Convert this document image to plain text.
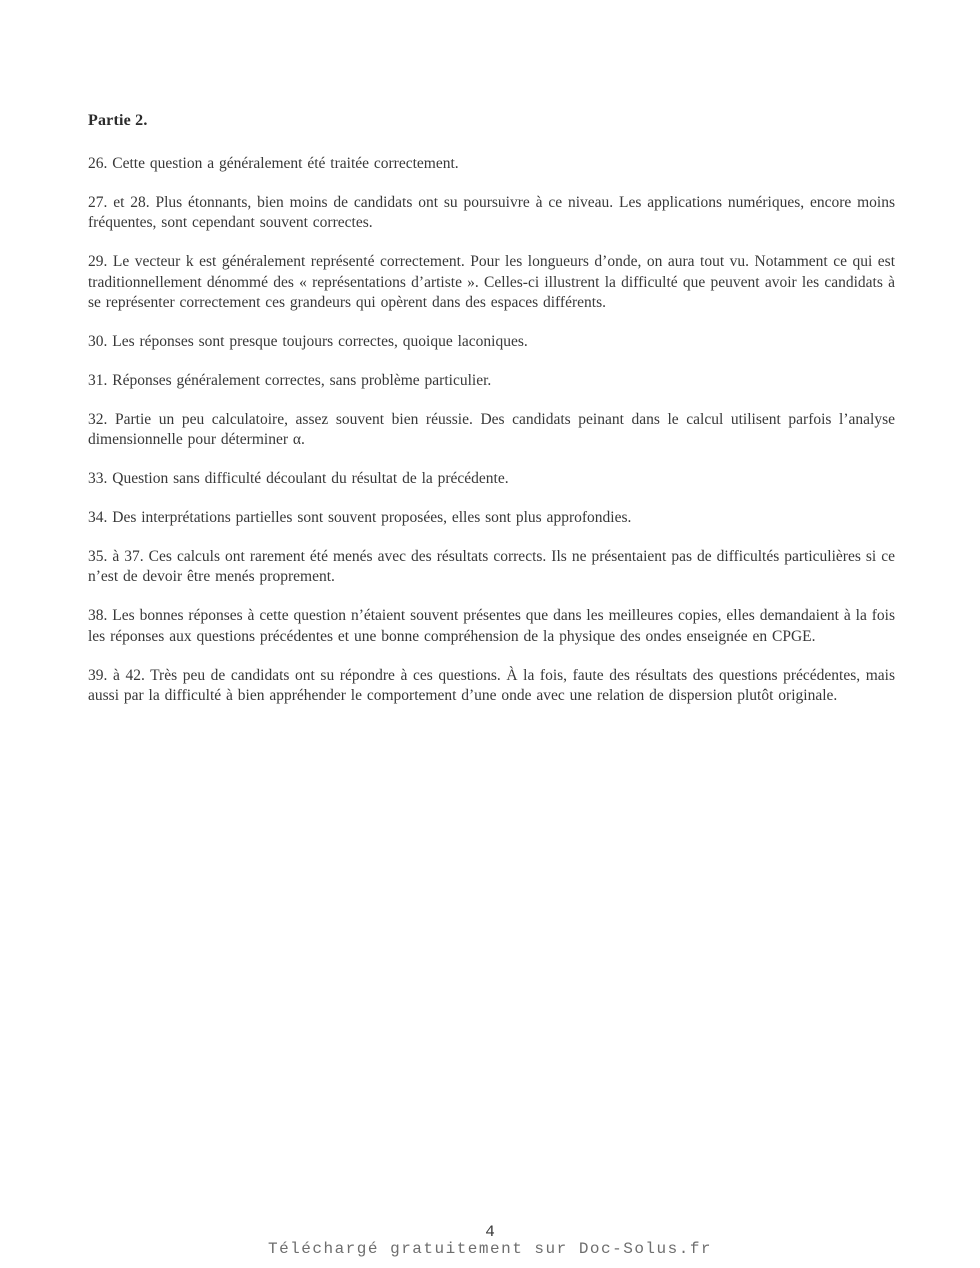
Partie 2.

26. Cette question a généralement été traitée correctement.

27. et 28. Plus étonnants, bien moins de candidats ont su poursuivre à ce niveau. Les applications numériques, encore moins fréquentes, sont cependant souvent correctes.

29. Le vecteur k est généralement représenté correctement. Pour les longueurs d’onde, on aura tout vu. Notamment ce qui est traditionnellement dénommé des « représentations d’artiste ». Celles-ci illustrent la difficulté que peuvent avoir les candidats à se représenter correctement ces grandeurs qui opèrent dans des espaces différents.

30. Les réponses sont presque toujours correctes, quoique laconiques.

31. Réponses généralement correctes, sans problème particulier.

32. Partie un peu calculatoire, assez souvent bien réussie. Des candidats peinant dans le calcul utilisent parfois l’analyse dimensionnelle pour déterminer α.

33. Question sans difficulté découlant du résultat de la précédente.

34. Des interprétations partielles sont souvent proposées, elles sont plus approfondies.

35. à 37. Ces calculs ont rarement été menés avec des résultats corrects. Ils ne présentaient pas de difficultés particulières si ce n’est de devoir être menés proprement.

38. Les bonnes réponses à cette question n’étaient souvent présentes que dans les meilleures copies, elles demandaient à la fois les réponses aux questions précédentes et une bonne compréhension de la physique des ondes enseignée en CPGE.

39. à 42. Très peu de candidats ont su répondre à ces questions. À la fois, faute des résultats des questions précédentes, mais aussi par la difficulté à bien appréhender le comportement d’une onde avec une relation de dispersion plutôt originale.

4
Téléchargé gratuitement sur Doc-Solus.fr
